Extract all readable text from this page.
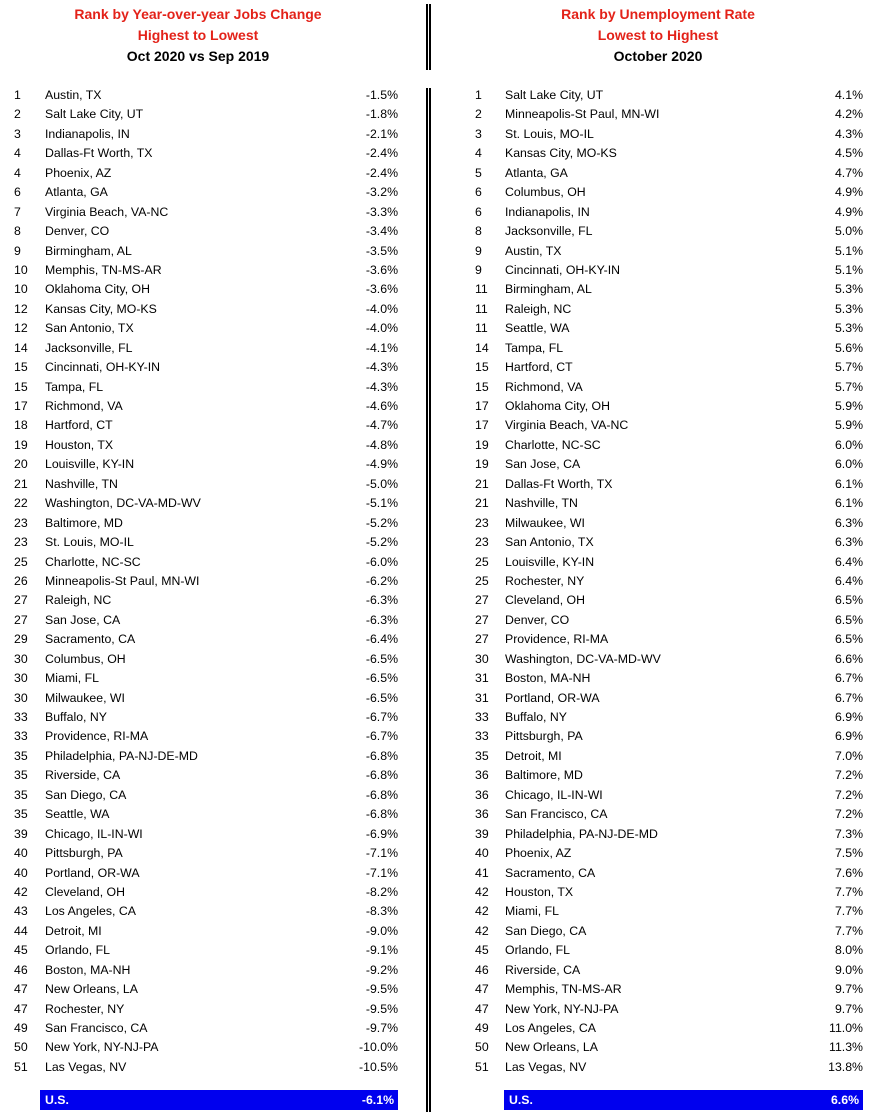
Rank by Year-over-year Jobs Change
Highest to Lowest
Oct 2020 vs Sep 2019
1 Austin, TX	-1.5%
2 Salt Lake City, UT	-1.8%
3 Indianapolis, IN	-2.1%
4 Dallas-Ft Worth, TX	-2.4%
4 Phoenix, AZ	-2.4%
6 Atlanta, GA	-3.2%
7 Virginia Beach, VA-NC	-3.3%
8 Denver, CO	-3.4%
9 Birmingham, AL	-3.5%
10 Memphis, TN-MS-AR	-3.6%
10 Oklahoma City, OH	-3.6%
12 Kansas City, MO-KS	-4.0%
12 San Antonio, TX	-4.0%
14 Jacksonville, FL	-4.1%
15 Cincinnati, OH-KY-IN	-4.3%
15 Tampa, FL	-4.3%
17 Richmond, VA	-4.6%
18 Hartford, CT	-4.7%
19 Houston, TX	-4.8%
20 Louisville, KY-IN	-4.9%
21 Nashville, TN	-5.0%
22 Washington, DC-VA-MD-WV	-5.1%
23 Baltimore, MD	-5.2%
23 St. Louis, MO-IL	-5.2%
25 Charlotte, NC-SC	-6.0%
26 Minneapolis-St Paul, MN-WI	-6.2%
27 Raleigh, NC	-6.3%
27 San Jose, CA	-6.3%
29 Sacramento, CA	-6.4%
30 Columbus, OH	-6.5%
30 Miami, FL	-6.5%
30 Milwaukee, WI	-6.5%
33 Buffalo, NY	-6.7%
33 Providence, RI-MA	-6.7%
35 Philadelphia, PA-NJ-DE-MD	-6.8%
35 Riverside, CA	-6.8%
35 San Diego, CA	-6.8%
35 Seattle, WA	-6.8%
39 Chicago, IL-IN-WI	-6.9%
40 Pittsburgh, PA	-7.1%
40 Portland, OR-WA	-7.1%
42 Cleveland, OH	-8.2%
43 Los Angeles, CA	-8.3%
44 Detroit, MI	-9.0%
45 Orlando, FL	-9.1%
46 Boston, MA-NH	-9.2%
47 New Orleans, LA	-9.5%
47 Rochester, NY	-9.5%
49 San Francisco, CA	-9.7%
50 New York, NY-NJ-PA	-10.0%
51 Las Vegas, NV	-10.5%
U.S.	-6.1%
Rank by Unemployment Rate
Lowest to Highest
October 2020
1 Salt Lake City, UT	4.1%
2 Minneapolis-St Paul, MN-WI	4.2%
3 St. Louis, MO-IL	4.3%
4 Kansas City, MO-KS	4.5%
5 Atlanta, GA	4.7%
6 Columbus, OH	4.9%
6 Indianapolis, IN	4.9%
8 Jacksonville, FL	5.0%
9 Austin, TX	5.1%
9 Cincinnati, OH-KY-IN	5.1%
11 Birmingham, AL	5.3%
11 Raleigh, NC	5.3%
11 Seattle, WA	5.3%
14 Tampa, FL	5.6%
15 Hartford, CT	5.7%
15 Richmond, VA	5.7%
17 Oklahoma City, OH	5.9%
17 Virginia Beach, VA-NC	5.9%
19 Charlotte, NC-SC	6.0%
19 San Jose, CA	6.0%
21 Dallas-Ft Worth, TX	6.1%
21 Nashville, TN	6.1%
23 Milwaukee, WI	6.3%
23 San Antonio, TX	6.3%
25 Louisville, KY-IN	6.4%
25 Rochester, NY	6.4%
27 Cleveland, OH	6.5%
27 Denver, CO	6.5%
27 Providence, RI-MA	6.5%
30 Washington, DC-VA-MD-WV	6.6%
31 Boston, MA-NH	6.7%
31 Portland, OR-WA	6.7%
33 Buffalo, NY	6.9%
33 Pittsburgh, PA	6.9%
35 Detroit, MI	7.0%
36 Baltimore, MD	7.2%
36 Chicago, IL-IN-WI	7.2%
36 San Francisco, CA	7.2%
39 Philadelphia, PA-NJ-DE-MD	7.3%
40 Phoenix, AZ	7.5%
41 Sacramento, CA	7.6%
42 Houston, TX	7.7%
42 Miami, FL	7.7%
42 San Diego, CA	7.7%
45 Orlando, FL	8.0%
46 Riverside, CA	9.0%
47 Memphis, TN-MS-AR	9.7%
47 New York, NY-NJ-PA	9.7%
49 Los Angeles, CA	11.0%
50 New Orleans, LA	11.3%
51 Las Vegas, NV	13.8%
U.S.	6.6%
